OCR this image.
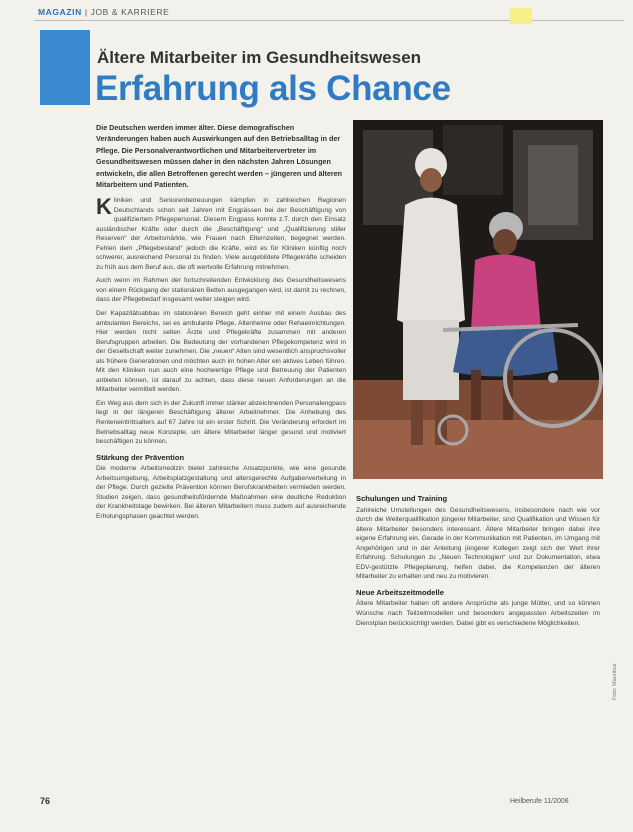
MAGAZIN | JOB & KARRIERE
Ältere Mitarbeiter im Gesundheitswesen
Erfahrung als Chance
Die Deutschen werden immer älter. Diese demografischen Veränderungen haben auch Auswirkungen auf den Betriebsalltag in der Pflege. Die Personalverantwortlichen und Mitarbeitervertreter im Gesundheitswesen müssen daher in den nächsten Jahren Lösungen entwickeln, die allen Betroffenen gerecht werden – jüngeren und älteren Mitarbeitern und Patienten.

Kliniken und Seniorenbetreuungen kämpfen in zahlreichen Regionen Deutschlands schon seit Jahren mit Engpässen bei der Beschäftigung von qualifiziertem Pflegepersonal. Diesem Engpass konnte z.T. durch den Einsatz ausländischer Kräfte oder durch die „Beschäftigung“ und „Qualifizierung stiller Reserven“ der Arbeitsmärkte, wie Frauen nach Elternzeiten, begegnet werden. Fehlen dem „Pflegebestand“ jedoch die Kräfte, wird es für Kliniken künftig noch schwerer, ausreichend Personal zu finden. Viele ausgebildete Pflegekräfte scheiden zu früh aus dem Beruf aus, die oft wertvolle Erfahrung mitnehmen.

Auch wenn im Rahmen der fortschreitenden Entwicklung des Gesundheitswesens von einem Rückgang der stationären Betten ausgegangen wird, ist damit zu rechnen, dass der Pflegebedarf insgesamt weiter steigen wird.

Der Kapazitätsabbau im stationären Bereich geht einher mit einem Ausbau des ambulanten Bereichs, sei es ambulante Pflege, Altenheime oder Rehaeinrichtungen. Hier werden nicht selten Ärzte und Pflegekräfte zusammen mit anderen Berufsgruppen arbeiten. Die Bedeutung der vorhandenen Pflegekompetenz wird in der Gesellschaft weiter zunehmen. Die „neuen“ Alten sind wesentlich anspruchsvoller als frühere Generationen und möchten auch im hohen Alter ein aktives Leben führen. Mit den Kliniken nun auch eine hochwertige Pflege und Betreuung der Patienten anbieten können, ist darauf zu achten, dass diese neuen Anforderungen an die Mitarbeiter vermittelt werden.

Ein Weg aus dem sich in der Zukunft immer stärker abzeichnenden Personalengpass liegt in der längeren Beschäftigung älterer Arbeitnehmer. Die Anhebung des Renteneintrittsalters auf 67 Jahre ist ein erster Schritt. Die Veränderung erfordert im Betriebsalltag neue Konzepte, um ältere Mitarbeiter länger gesund und motiviert beschäftigen zu können.

Stärkung der Prävention

Die moderne Arbeitsmedizin bietet zahlreiche Ansatzpunkte, wie eine gesunde Arbeitsumgebung, Arbeitsplatzgestaltung und altersgerechte Aufgabenverteilung in der Pflege. Durch gezielte Prävention können Berufskrankheiten vermieden werden. Studien zeigen, dass gesundheitsfördernde Maßnahmen eine deutliche Reduktion der Krankheitstage bewirken. Bei älteren Mitarbeitern muss zudem auf ausreichende Erholungsphasen geachtet werden.

Schulungen und Training

Zahlreiche Umstellungen des Gesundheitswesens, insbesondere nach wie vor durch die Weiterqualifikation jüngerer Mitarbeiter, sind Qualifikation und Wissen für ältere Mitarbeiter besonders interessant. Ältere Mitarbeiter bringen dabei ihre eigene Erfahrung ein. Gerade in der Kommunikation mit Patienten, im Umgang mit Angehörigen und in der Anleitung jüngerer Kollegen zeigt sich der Wert ihrer Erfahrung. Schulungen zu „Neuen Technologien“ und zur Dokumentation, etwa EDV-gestützte Pflegeplanung, helfen dabei, die Kompetenzen der älteren Mitarbeiter zu erhalten und neu zu motivieren.

Neue Arbeitszeitmodelle

Ältere Mitarbeiter haben oft andere Ansprüche als junge Mütter, und so können Wünsche nach Teilzeitmodellen und besonders angepassten Arbeitszeiten im Dienstplan berücksichtigt werden. Dabei gibt es verschiedene Möglichkeiten.

Foto: Mauritius
76	Heilberufe 11/2008
